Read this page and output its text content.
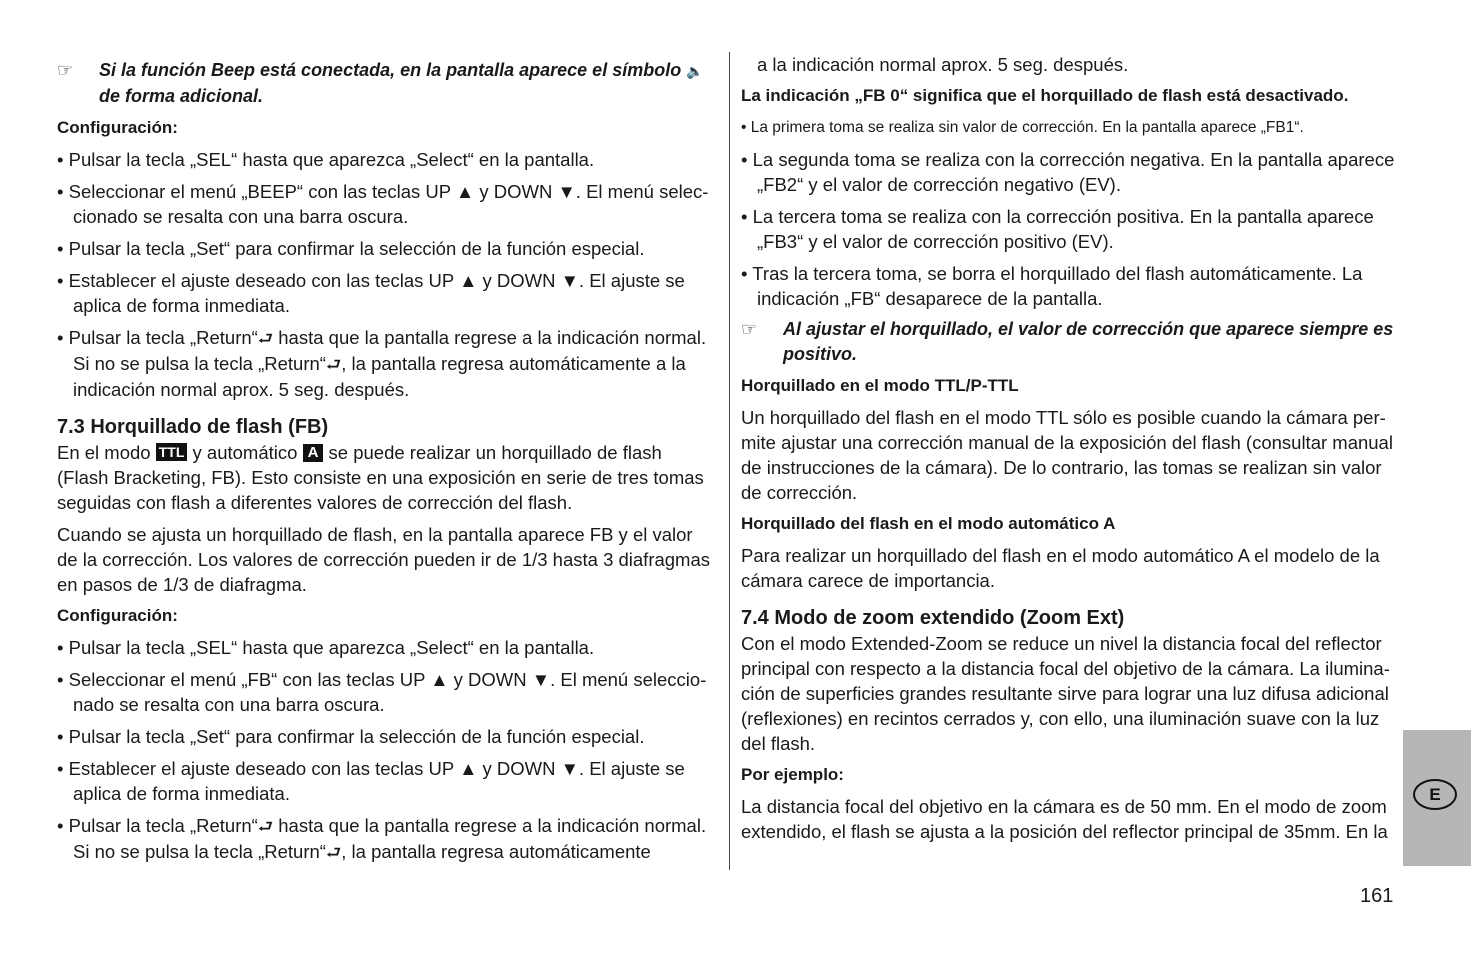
☞ Si la función Beep está conectada, en la pantalla aparece el símbolo 🔈 de forma adicional.

Configuración:

• Pulsar la tecla „SEL“ hasta que aparezca „Select“ en la pantalla.

• Seleccionar el menú „BEEP“ con las teclas UP ▲ y DOWN ▼. El menú seleccionado se resalta con una barra oscura.

• Pulsar la tecla „Set“ para confirmar la selección de la función especial.

• Establecer el ajuste deseado con las teclas UP ▲ y DOWN ▼. El ajuste se aplica de forma inmediata.

• Pulsar la tecla „Return“⮐ hasta que la pantalla regrese a la indicación normal. Si no se pulsa la tecla „Return“⮐, la pantalla regresa automáticamente a la indicación normal aprox. 5 seg. después.

7.3 Horquillado de flash (FB)

En el modo TTL y automático A se puede realizar un horquillado de flash (Flash Bracketing, FB). Esto consiste en una exposición en serie de tres tomas seguidas con flash a diferentes valores de corrección del flash.

Cuando se ajusta un horquillado de flash, en la pantalla aparece FB y el valor de la corrección. Los valores de corrección pueden ir de 1/3 hasta 3 diafragmas en pasos de 1/3 de diafragma.

Configuración:

• Pulsar la tecla „SEL“ hasta que aparezca „Select“ en la pantalla.

• Seleccionar el menú „FB“ con las teclas UP ▲ y DOWN ▼. El menú seleccionado se resalta con una barra oscura.

• Pulsar la tecla „Set“ para confirmar la selección de la función especial.

• Establecer el ajuste deseado con las teclas UP ▲ y DOWN ▼. El ajuste se aplica de forma inmediata.

• Pulsar la tecla „Return“⮐ hasta que la pantalla regrese a la indicación normal. Si no se pulsa la tecla „Return“⮐, la pantalla regresa automáticamente

a la indicación normal aprox. 5 seg. después.

La indicación „FB 0“ significa que el horquillado de flash está desactivado.

• La primera toma se realiza sin valor de corrección. En la pantalla aparece „FB1“.

• La segunda toma se realiza con la corrección negativa. En la pantalla aparece „FB2“ y el valor de corrección negativo (EV).

• La tercera toma se realiza con la corrección positiva. En la pantalla aparece „FB3“ y el valor de corrección positivo (EV).

• Tras la tercera toma, se borra el horquillado del flash automáticamente. La indicación „FB“ desaparece de la pantalla.

☞ Al ajustar el horquillado, el valor de corrección que aparece siempre es positivo.

Horquillado en el modo TTL/P-TTL

Un horquillado del flash en el modo TTL sólo es posible cuando la cámara permite ajustar una corrección manual de la exposición del flash (consultar manual de instrucciones de la cámara). De lo contrario, las tomas se realizan sin valor de corrección.

Horquillado del flash en el modo automático A

Para realizar un horquillado del flash en el modo automático A el modelo de la cámara carece de importancia.

7.4 Modo de zoom extendido (Zoom Ext)

Con el modo Extended-Zoom se reduce un nivel la distancia focal del reflector principal con respecto a la distancia focal del objetivo de la cámara. La iluminación de superficies grandes resultante sirve para lograr una luz difusa adicional (reflexiones) en recintos cerrados y, con ello, una iluminación suave con la luz del flash.

Por ejemplo:

La distancia focal del objetivo en la cámara es de 50 mm. En el modo de zoom extendido, el flash se ajusta a la posición del reflector principal de 35mm. En la

E
161
